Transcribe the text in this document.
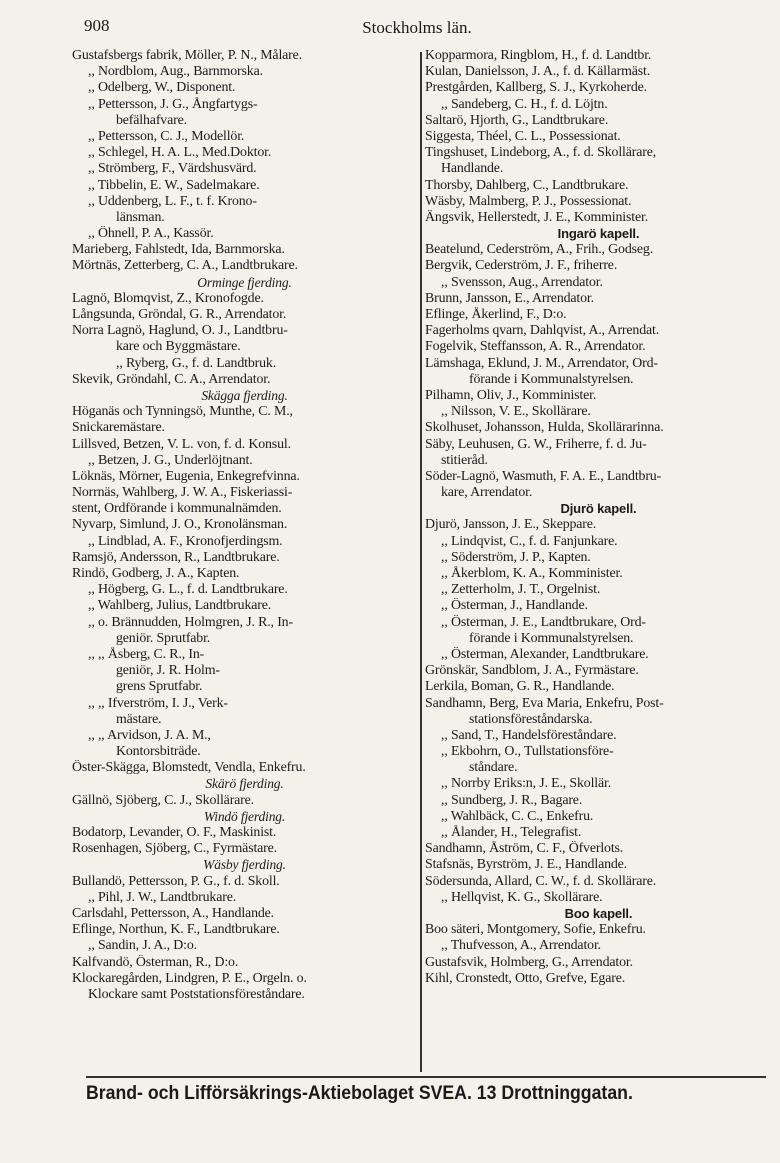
908	Stockholms län.
Gustafsbergs fabrik, Möller, P. N., Målare.
,, Nordblom, Aug., Barnmorska.
,, Odelberg, W., Disponent.
,, Pettersson, J. G., Ångfartygs-
befälhafvare.
,, Pettersson, C. J., Modellör.
,, Schlegel, H. A. L., Med.Doktor.
,, Strömberg, F., Värdshusvärd.
,, Tibbelin, E. W., Sadelmakare.
,, Uddenberg, L. F., t. f. Krono-
länsman.
,, Öhnell, P. A., Kassör.
Marieberg, Fahlstedt, Ida, Barnmorska.
Mörtnäs, Zetterberg, C. A., Landtbrukare.
Orminge fjerding.
Lagnö, Blomqvist, Z., Kronofogde.
Långsunda, Gröndal, G. R., Arrendator.
Norra Lagnö, Haglund, O. J., Landtbru-
kare och Byggmästare.
,, Ryberg, G., f. d. Landtbruk.
Skevik, Gröndahl, C. A., Arrendator.
Skägga fjerding.
Höganäs och Tynningsö, Munthe, C. M.,
Snickaremästare.
Lillsved, Betzen, V. L. von, f. d. Konsul.
,, Betzen, J. G., Underlöjtnant.
Löknäs, Mörner, Eugenia, Enkegrefvinna.
Norrnäs, Wahlberg, J. W. A., Fiskeriassi-
stent, Ordförande i kommunalnämden.
Nyvarp, Simlund, J. O., Kronolänsman.
,, Lindblad, A. F., Kronofjerdingsm.
Ramsjö, Andersson, R., Landtbrukare.
Rindö, Godberg, J. A., Kapten.
,, Högberg, G. L., f. d. Landtbrukare.
,, Wahlberg, Julius, Landtbrukare.
,, o. Brännudden, Holmgren, J. R., In-
geniör. Sprutfabr.
,, ,, Åsberg, C. R., In-
geniör, J. R. Holm-
grens Sprutfabr.
,, ,, Ifverström, I. J., Verk-
mästare.
,, ,, Arvidson, J. A. M.,
Kontorsbiträde.
Öster-Skägga, Blomstedt, Vendla, Enkefru.
Skärö fjerding.
Gällnö, Sjöberg, C. J., Skollärare.
Windö fjerding.
Bodatorp, Levander, O. F., Maskinist.
Rosenhagen, Sjöberg, C., Fyrmästare.
Wäsby fjerding.
Bullandö, Pettersson, P. G., f. d. Skoll.
,, Pihl, J. W., Landtbrukare.
Carlsdahl, Pettersson, A., Handlande.
Eflinge, Northun, K. F., Landtbrukare.
,, Sandin, J. A., D:o.
Kalfvandö, Österman, R., D:o.
Klockaregården, Lindgren, P. E., Orgeln. o.
Klockare samt Poststationsföreståndare.
Kopparmora, Ringblom, H., f. d. Landtbr.
Kulan, Danielsson, J. A., f. d. Källarmäst.
Prestgården, Kallberg, S. J., Kyrkoherde.
,, Sandeberg, C. H., f. d. Löjtn.
Saltarö, Hjorth, G., Landtbrukare.
Siggesta, Théel, C. L., Possessionat.
Tingshuset, Lindeborg, A., f. d. Skollärare,
Handlande.
Thorsby, Dahlberg, C., Landtbrukare.
Wäsby, Malmberg, P. J., Possessionat.
Ängsvik, Hellerstedt, J. E., Komminister.
Ingarö kapell.
Beatelund, Cederström, A., Frih., Godseg.
Bergvik, Cederström, J. F., friherre.
,, Svensson, Aug., Arrendator.
Brunn, Jansson, E., Arrendator.
Eflinge, Åkerlind, F., D:o.
Fagerholms qvarn, Dahlqvist, A., Arrendat.
Fogelvik, Steffansson, A. R., Arrendator.
Lämshaga, Eklund, J. M., Arrendator, Ord-
förande i Kommunalstyrelsen.
Pilhamn, Oliv, J., Komminister.
,, Nilsson, V. E., Skollärare.
Skolhuset, Johansson, Hulda, Skollärarinna.
Säby, Leuhusen, G. W., Friherre, f. d. Ju-
stitieråd.
Söder-Lagnö, Wasmuth, F. A. E., Landtbru-
kare, Arrendator.
Djurö kapell.
Djurö, Jansson, J. E., Skeppare.
,, Lindqvist, C., f. d. Fanjunkare.
,, Söderström, J. P., Kapten.
,, Åkerblom, K. A., Komminister.
,, Zetterholm, J. T., Orgelnist.
,, Österman, J., Handlande.
,, Österman, J. E., Landtbrukare, Ord-
förande i Kommunalstyrelsen.
,, Österman, Alexander, Landtbrukare.
Grönskär, Sandblom, J. A., Fyrmästare.
Lerkila, Boman, G. R., Handlande.
Sandhamn, Berg, Eva Maria, Enkefru, Post-
stationsföreståndarska.
,, Sand, T., Handelsföreståndare.
,, Ekbohrn, O., Tullstationsföre-
ståndare.
,, Norrby Eriks:n, J. E., Skollär.
,, Sundberg, J. R., Bagare.
,, Wahlbäck, C. C., Enkefru.
,, Ålander, H., Telegrafist.
Sandhamn, Åström, C. F., Öfverlots.
Stafsnäs, Byrström, J. E., Handlande.
Södersunda, Allard, C. W., f. d. Skollärare.
,, Hellqvist, K. G., Skollärare.
Boo kapell.
Boo säteri, Montgomery, Sofie, Enkefru.
,, Thufvesson, A., Arrendator.
Gustafsvik, Holmberg, G., Arrendator.
Kihl, Cronstedt, Otto, Grefve, Egare.
Brand- och Lifförsäkrings-Aktiebolaget SVEA. 13 Drottninggatan.
